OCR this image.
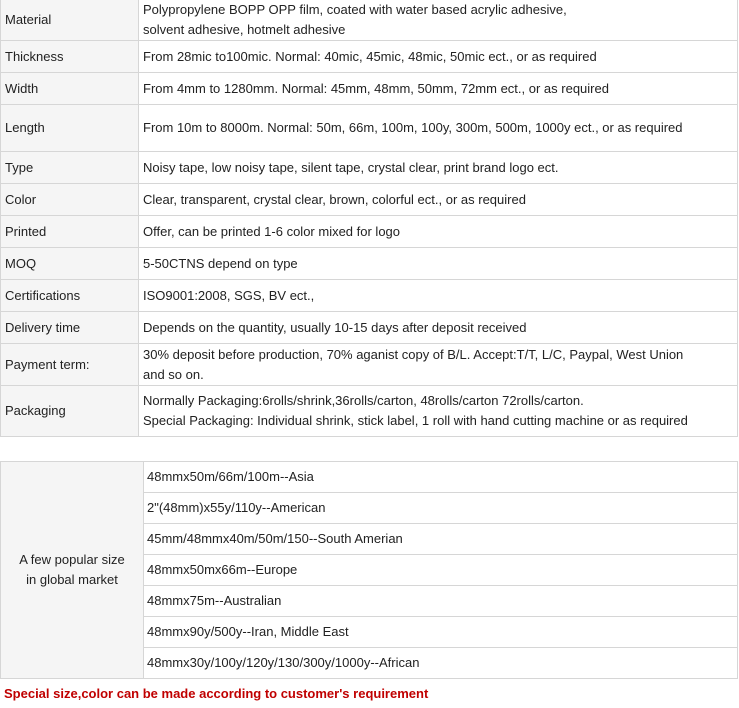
Material	Polypropylene BOPP OPP film, coated with water based acrylic adhesive,
solvent adhesive, hotmelt adhesive

Thickness	From 28mic to100mic. Normal: 40mic, 45mic, 48mic, 50mic ect., or as required

Width	From 4mm to 1280mm. Normal: 45mm, 48mm, 50mm, 72mm ect., or as required

Length	From 10m to 8000m. Normal: 50m, 66m, 100m, 100y, 300m, 500m, 1000y ect., or as required

Type	Noisy tape, low noisy tape, silent tape, crystal clear, print brand logo ect.

Color	Clear, transparent, crystal clear, brown, colorful ect., or as required

Printed	Offer, can be printed 1-6 color mixed for logo

MOQ	5-50CTNS depend on type

Certifications	ISO9001:2008, SGS, BV ect.,

Delivery time	Depends on the quantity, usually 10-15 days after deposit received

Payment term:	30% deposit before production, 70% aganist copy of B/L. Accept:T/T, L/C, Paypal, West Union
and so on.

Packaging	Normally Packaging:6rolls/shrink,36rolls/carton, 48rolls/carton 72rolls/carton.
Special Packaging: Individual shrink, stick label, 1 roll with hand cutting machine or as required
A few popular size
in global market
	48mmx50m/66m/100m--Asia
2"(48mm)x55y/110y--American
45mm/48mmx40m/50m/150--South Amerian
48mmx50mx66m--Europe
48mmx75m--Australian
48mmx90y/500y--Iran, Middle East
48mmx30y/100y/120y/130/300y/1000y--African
Special size,color can be made according to customer's requirement
